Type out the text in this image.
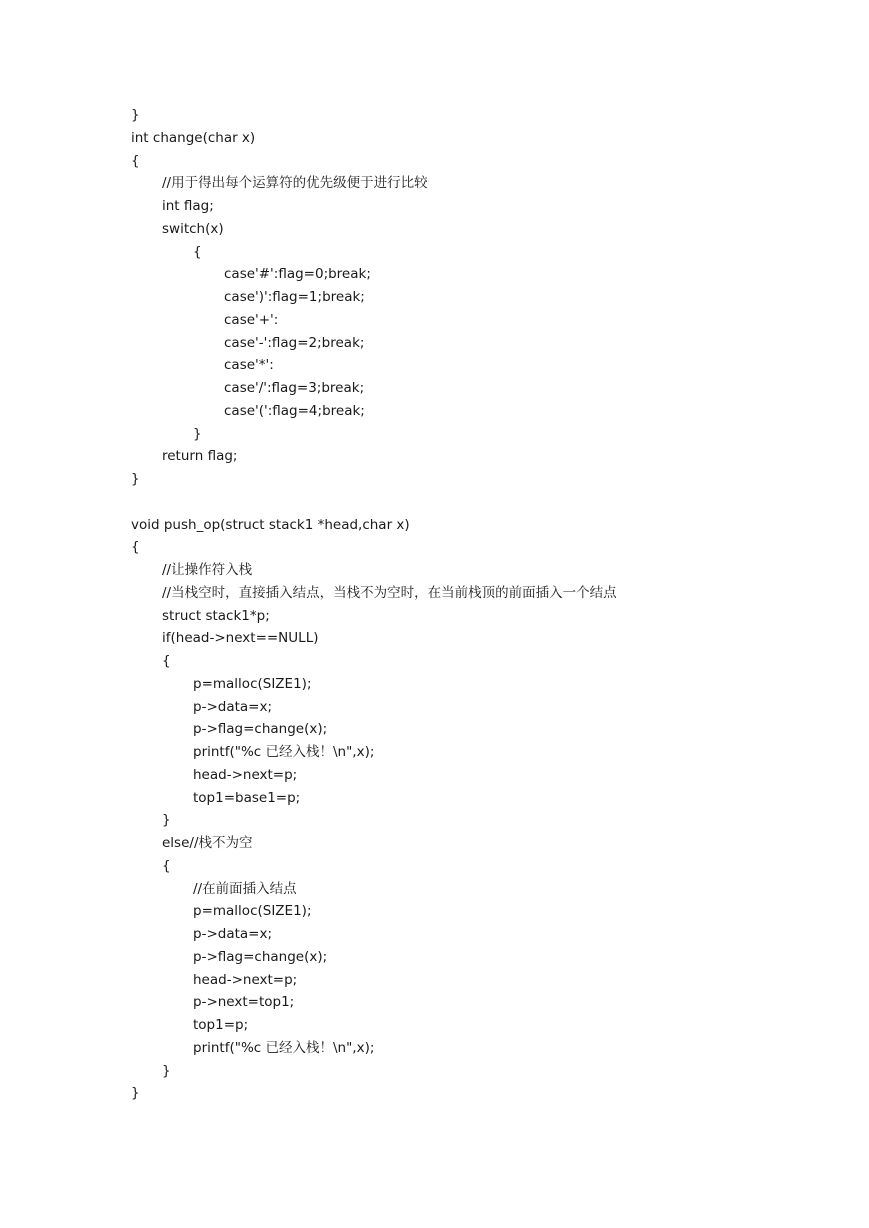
}
int change(char x)
{
//用于得出每个运算符的优先级便于进行比较
int flag;
switch(x)
{
case'#':flag=0;break;
case')':flag=1;break;
case'+':
case'-':flag=2;break;
case'*':
case'/':flag=3;break;
case'(':flag=4;break;
}
return flag;
}
void push_op(struct stack1 *head,char x)
{
//让操作符入栈
//当栈空时，直接插入结点，当栈不为空时，在当前栈顶的前面插入一个结点
struct stack1*p;
if(head->next==NULL)
{
p=malloc(SIZE1);
p->data=x;
p->flag=change(x);
printf("%c 已经入栈！\n",x);
head->next=p;
top1=base1=p;
}
else//栈不为空
{
//在前面插入结点
p=malloc(SIZE1);
p->data=x;
p->flag=change(x);
head->next=p;
p->next=top1;
top1=p;
printf("%c 已经入栈！\n",x);
}
}
